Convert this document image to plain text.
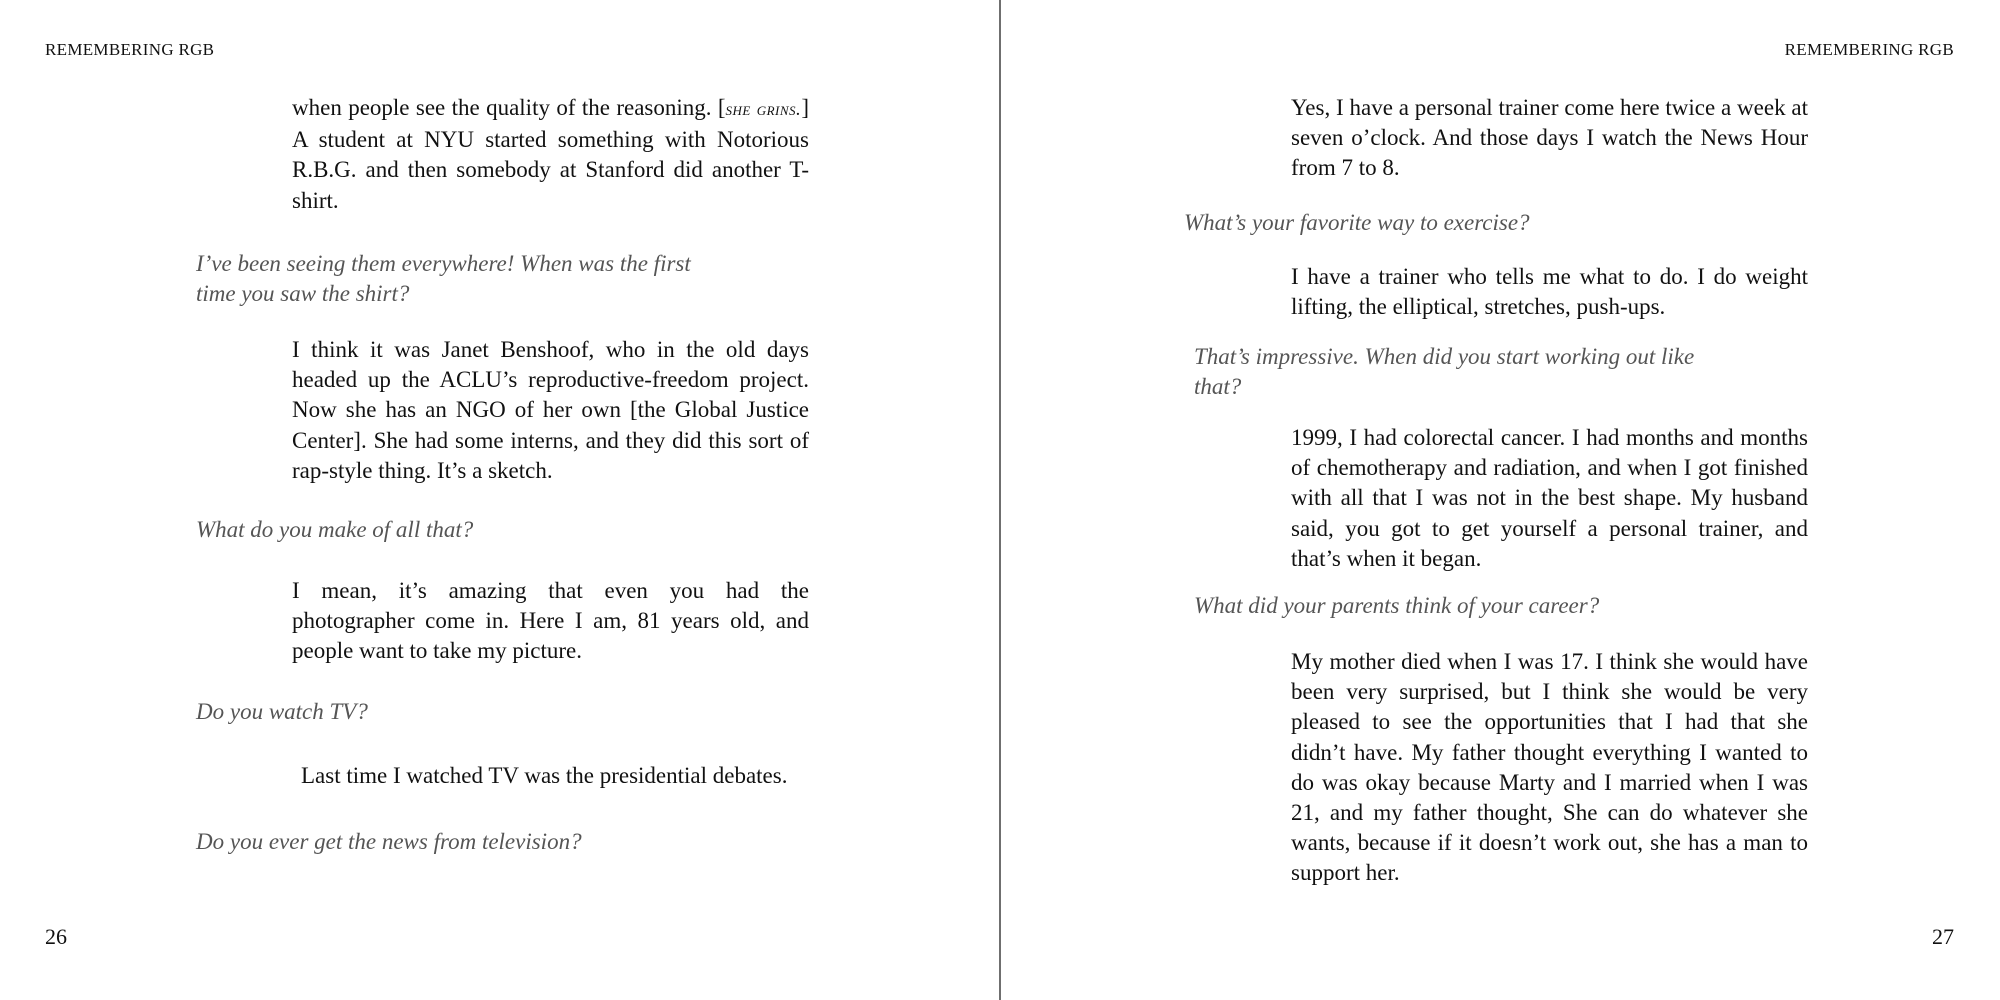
REMEMBERING RGB

when people see the quality of the reasoning. [she grins.] A student at NYU started something with Notorious R.B.G. and then somebody at Stanford did another T-shirt.

I’ve been seeing them everywhere! When was the first time you saw the shirt?

I think it was Janet Benshoof, who in the old days headed up the ACLU’s reproductive-freedom project. Now she has an NGO of her own [the Global Justice Center]. She had some interns, and they did this sort of rap-style thing. It’s a sketch.

What do you make of all that?

I mean, it’s amazing that even you had the photographer come in. Here I am, 81 years old, and people want to take my picture.

Do you watch TV?

Last time I watched TV was the presidential debates.

Do you ever get the news from television?

26
REMEMBERING RGB

Yes, I have a personal trainer come here twice a week at seven o’clock. And those days I watch the News Hour from 7 to 8.

What’s your favorite way to exercise?

I have a trainer who tells me what to do. I do weight lifting, the elliptical, stretches, push-ups.

That’s impressive. When did you start working out like that?

1999, I had colorectal cancer. I had months and months of chemotherapy and radiation, and when I got finished with all that I was not in the best shape. My husband said, you got to get yourself a personal trainer, and that’s when it began.

What did your parents think of your career?

My mother died when I was 17. I think she would have been very surprised, but I think she would be very pleased to see the opportunities that I had that she didn’t have. My father thought everything I wanted to do was okay because Marty and I married when I was 21, and my father thought, She can do whatever she wants, because if it doesn’t work out, she has a man to support her.

27
